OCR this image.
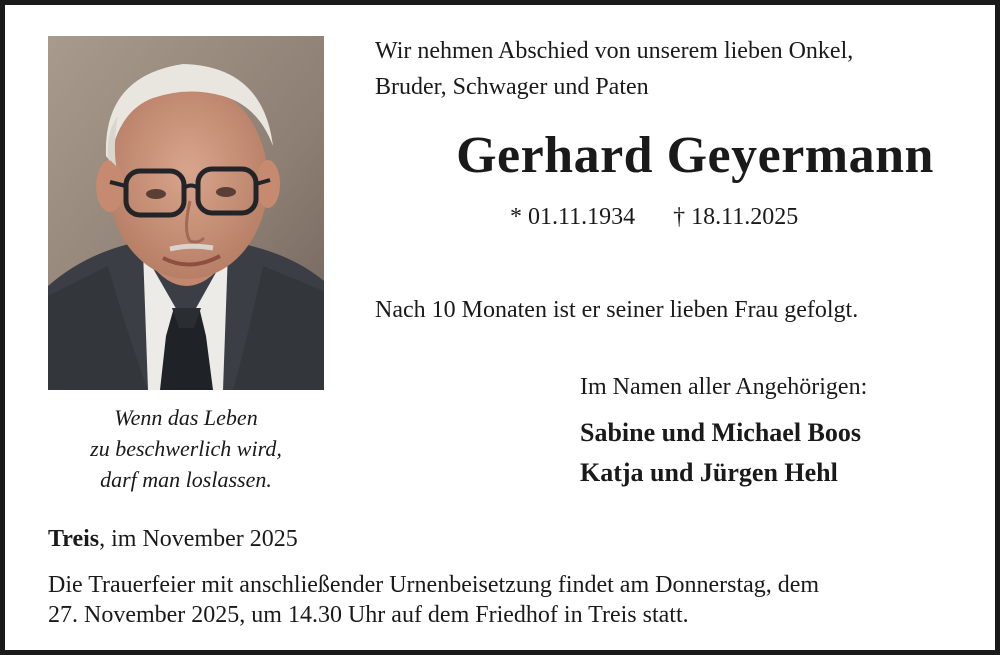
Wenn das Leben
zu beschwerlich wird,
darf man loslassen.
Wir nehmen Abschied von unserem lieben Onkel,
Bruder, Schwager und Paten
Gerhard Geyermann
* 01.11.1934 † 18.11.2025
Nach 10 Monaten ist er seiner lieben Frau gefolgt.
Im Namen aller Angehörigen:
Sabine und Michael Boos
Katja und Jürgen Hehl
Treis, im November 2025
Die Trauerfeier mit anschließender Urnenbeisetzung findet am Donnerstag, dem
27. November 2025, um 14.30 Uhr auf dem Friedhof in Treis statt.
